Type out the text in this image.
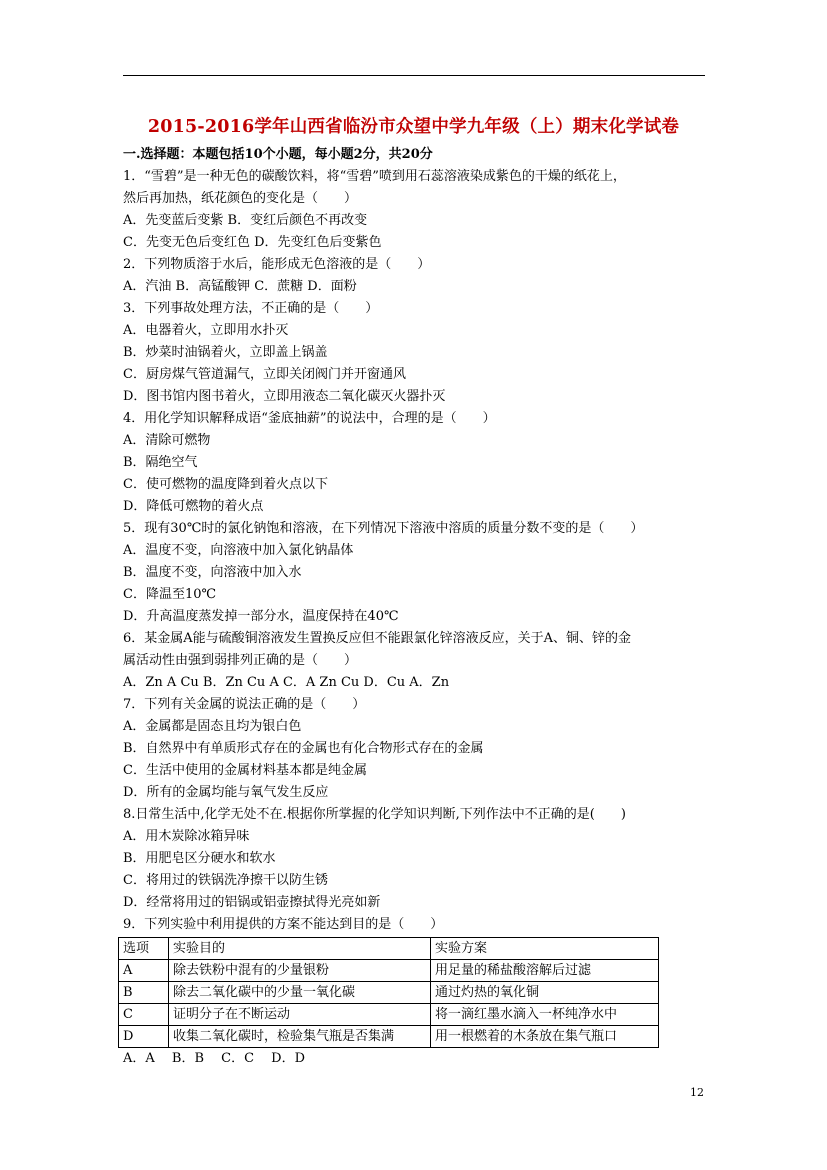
2015-2016学年山西省临汾市众望中学九年级（上）期末化学试卷
一.选择题：本题包括10个小题，每小题2分，共20分
1．“雪碧”是一种无色的碳酸饮料，将“雪碧”喷到用石蕊溶液染成紫色的干燥的纸花上，
然后再加热，纸花颜色的变化是（　　）
A．先变蓝后变紫 B．变红后颜色不再改变
C．先变无色后变红色 D．先变红色后变紫色
2．下列物质溶于水后，能形成无色溶液的是（　　）
A．汽油 B．高锰酸钾 C．蔗糖 D．面粉
3．下列事故处理方法，不正确的是（　　）
A．电器着火，立即用水扑灭
B．炒菜时油锅着火，立即盖上锅盖
C．厨房煤气管道漏气，立即关闭阀门并开窗通风
D．图书馆内图书着火，立即用液态二氧化碳灭火器扑灭
4．用化学知识解释成语“釜底抽薪”的说法中，合理的是（　　）
A．清除可燃物
B．隔绝空气
C．使可燃物的温度降到着火点以下
D．降低可燃物的着火点
5．现有30℃时的氯化钠饱和溶液，在下列情况下溶液中溶质的质量分数不变的是（　　）
A．温度不变，向溶液中加入氯化钠晶体
B．温度不变，向溶液中加入水
C．降温至10℃
D．升高温度蒸发掉一部分水，温度保持在40℃
6．某金属A能与硫酸铜溶液发生置换反应但不能跟氯化锌溶液反应，关于A、铜、锌的金
属活动性由强到弱排列正确的是（　　）
A．Zn A Cu B．Zn Cu A C．A Zn Cu D．Cu A．Zn
7．下列有关金属的说法正确的是（　　）
A．金属都是固态且均为银白色
B．自然界中有单质形式存在的金属也有化合物形式存在的金属
C．生活中使用的金属材料基本都是纯金属
D．所有的金属均能与氧气发生反应
8.日常生活中,化学无处不在.根据你所掌握的化学知识判断,下列作法中不正确的是(　　)
A．用木炭除冰箱异味
B．用肥皂区分硬水和软水
C．将用过的铁锅洗净擦干以防生锈
D．经常将用过的铝锅或铝壶擦拭得光亮如新
9．下列实验中利用提供的方案不能达到目的是（　　）
选项	实验目的	实验方案
A	除去铁粉中混有的少量银粉	用足量的稀盐酸溶解后过滤
B	除去二氧化碳中的少量一氧化碳	通过灼热的氧化铜
C	证明分子在不断运动	将一滴红墨水滴入一杯纯净水中
D	收集二氧化碳时，检验集气瓶是否集满	用一根燃着的木条放在集气瓶口
A．A　 B．B　 C．C　 D．D
12
